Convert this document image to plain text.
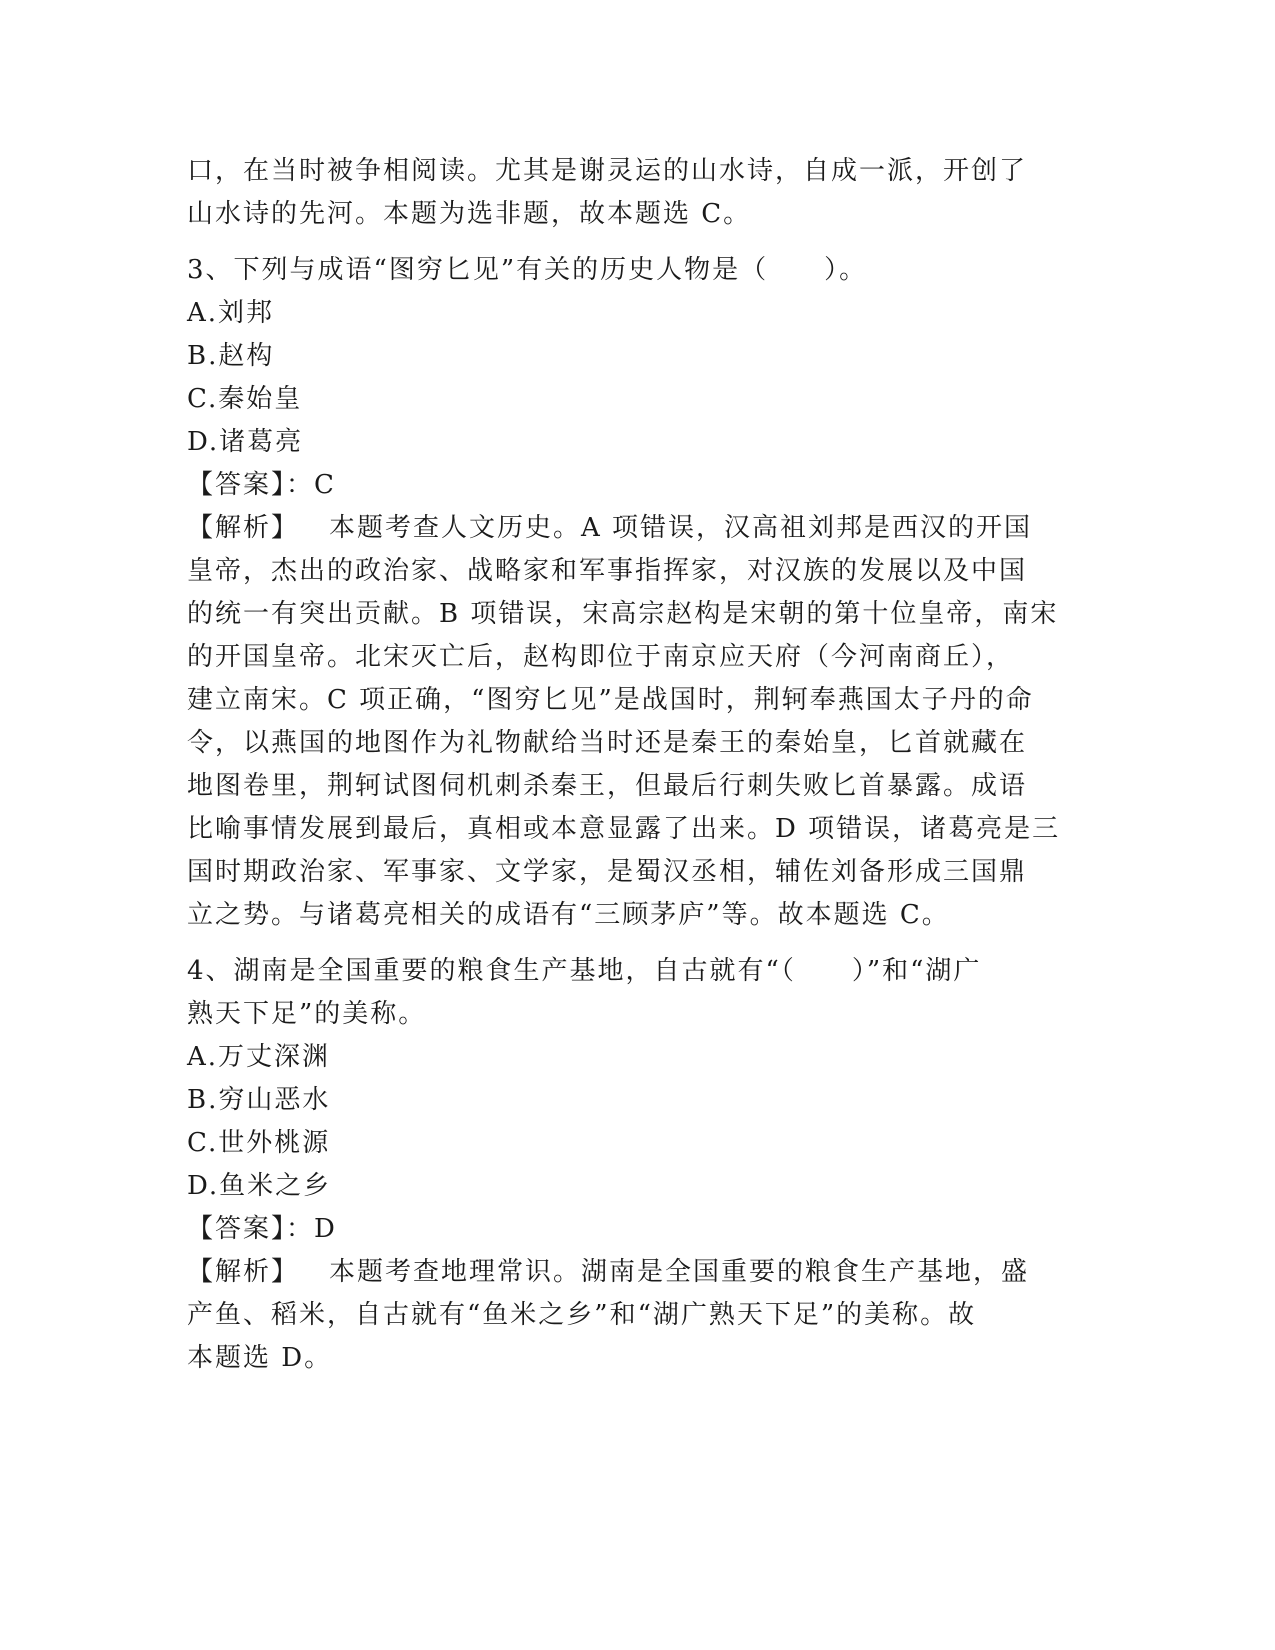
口，在当时被争相阅读。尤其是谢灵运的山水诗，自成一派，开创了
山水诗的先河。本题为选非题，故本题选 C。
3、下列与成语“图穷匕见”有关的历史人物是（　　）。
A.刘邦
B.赵构
C.秦始皇
D.诸葛亮
【答案】：C
【解析】 本题考查人文历史。A 项错误，汉高祖刘邦是西汉的开国
皇帝，杰出的政治家、战略家和军事指挥家，对汉族的发展以及中国
的统一有突出贡献。B 项错误，宋高宗赵构是宋朝的第十位皇帝，南宋
的开国皇帝。北宋灭亡后，赵构即位于南京应天府（今河南商丘），
建立南宋。C 项正确，“图穷匕见”是战国时，荆轲奉燕国太子丹的命
令，以燕国的地图作为礼物献给当时还是秦王的秦始皇，匕首就藏在
地图卷里，荆轲试图伺机刺杀秦王，但最后行刺失败匕首暴露。成语
比喻事情发展到最后，真相或本意显露了出来。D 项错误，诸葛亮是三
国时期政治家、军事家、文学家，是蜀汉丞相，辅佐刘备形成三国鼎
立之势。与诸葛亮相关的成语有“三顾茅庐”等。故本题选 C。
4、湖南是全国重要的粮食生产基地，自古就有“（　　）”和“湖广
熟天下足”的美称。
A.万丈深渊
B.穷山恶水
C.世外桃源
D.鱼米之乡
【答案】：D
【解析】 本题考查地理常识。湖南是全国重要的粮食生产基地，盛
产鱼、稻米，自古就有“鱼米之乡”和“湖广熟天下足”的美称。故
本题选 D。
